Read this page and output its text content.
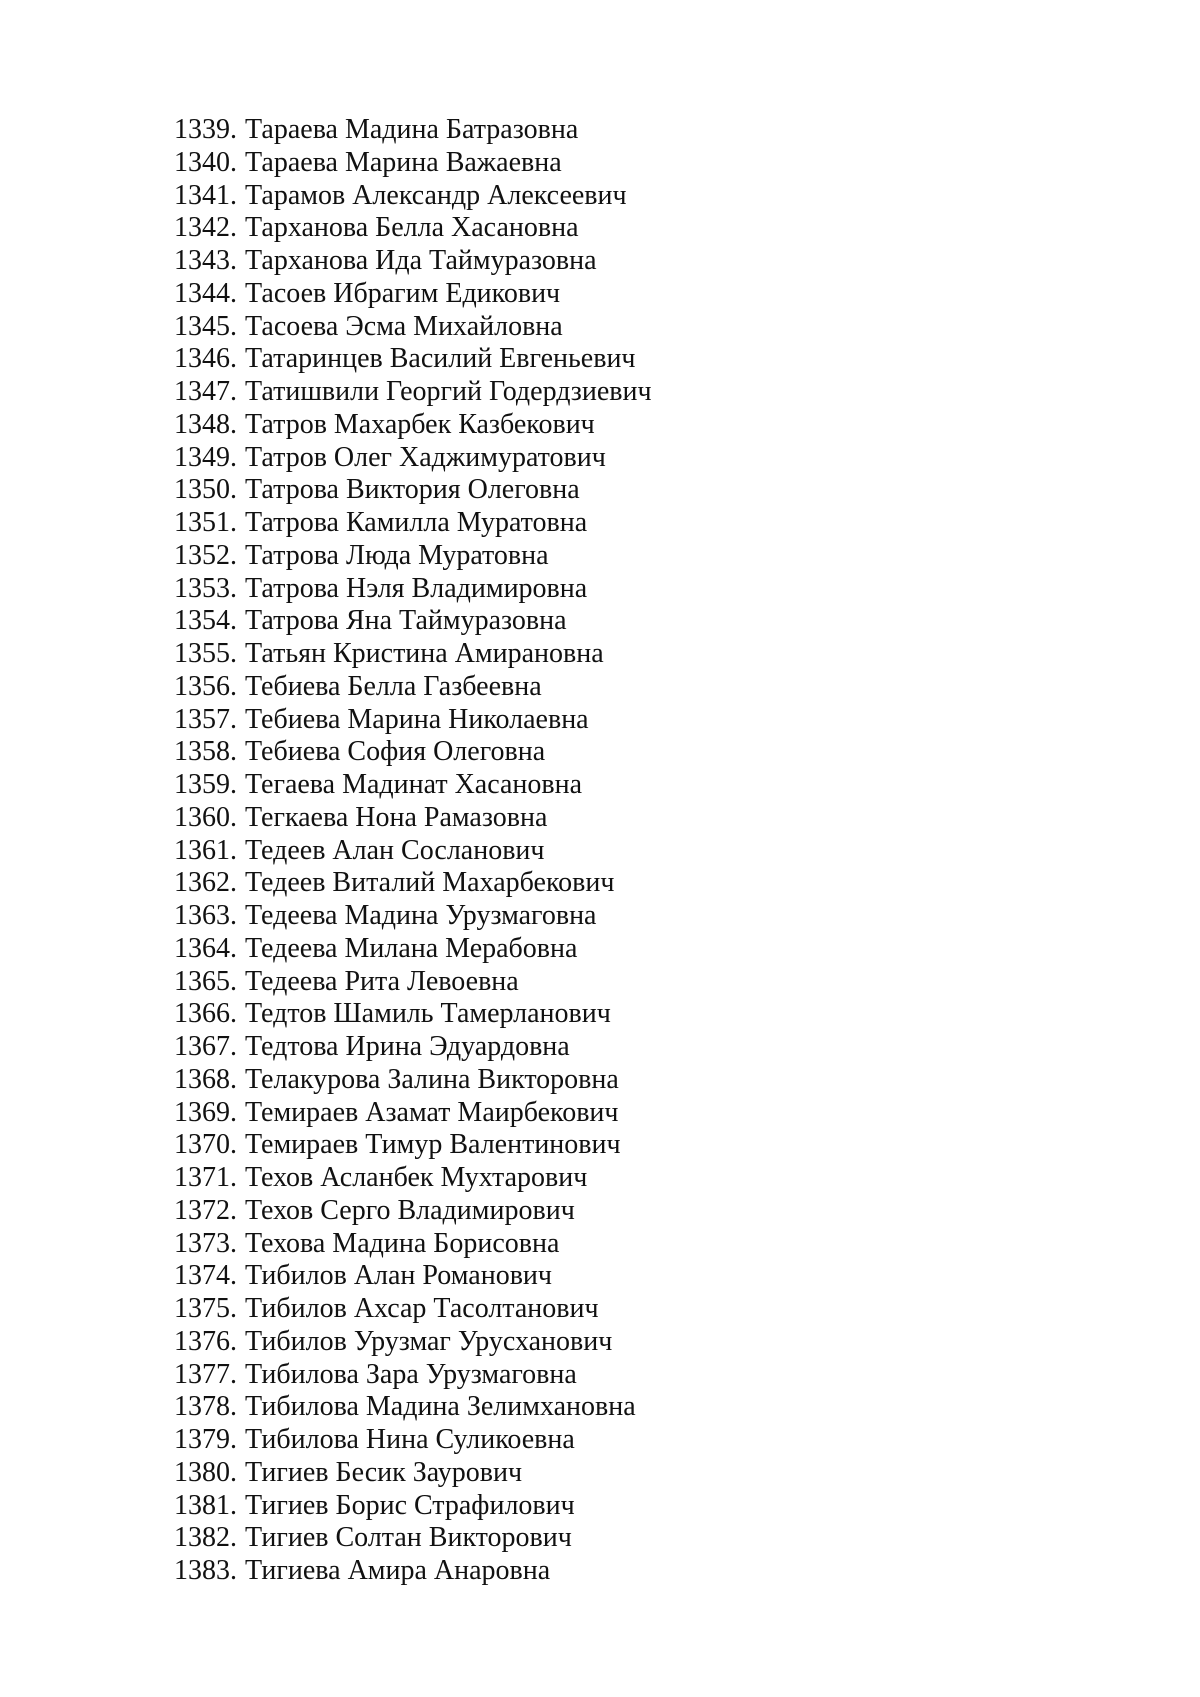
1339. Тараева Мадина Батразовна
1340. Тараева Марина Важаевна
1341. Тарамов Александр Алексеевич
1342. Тарханова Белла Хасановна
1343. Тарханова Ида Таймуразовна
1344. Тасоев Ибрагим Едикович
1345. Тасоева Эсма Михайловна
1346. Татаринцев Василий Евгеньевич
1347. Татишвили Георгий Годердзиевич
1348. Татров Махарбек Казбекович
1349. Татров Олег Хаджимуратович
1350. Татрова Виктория Олеговна
1351. Татрова Камилла Муратовна
1352. Татрова Люда Муратовна
1353. Татрова Нэля Владимировна
1354. Татрова Яна Таймуразовна
1355. Татьян Кристина Амирановна
1356. Тебиева Белла Газбеевна
1357. Тебиева Марина Николаевна
1358. Тебиева София Олеговна
1359. Тегаева Мадинат Хасановна
1360. Тегкаева Нона Рамазовна
1361. Тедеев Алан Сосланович
1362. Тедеев Виталий Махарбекович
1363. Тедеева Мадина Урузмаговна
1364. Тедеева Милана Мерабовна
1365. Тедеева Рита Левоевна
1366. Тедтов Шамиль Тамерланович
1367. Тедтова Ирина Эдуардовна
1368. Телакурова Залина Викторовна
1369. Темираев Азамат Маирбекович
1370. Темираев Тимур Валентинович
1371. Техов Асланбек Мухтарович
1372. Техов Серго Владимирович
1373. Техова Мадина Борисовна
1374. Тибилов Алан Романович
1375. Тибилов Ахсар Тасолтанович
1376. Тибилов Урузмаг Урусханович
1377. Тибилова Зара Урузмаговна
1378. Тибилова Мадина Зелимхановна
1379. Тибилова Нина Суликоевна
1380. Тигиев Бесик Заурович
1381. Тигиев Борис Страфилович
1382. Тигиев Солтан Викторович
1383. Тигиева Амира Анаровна
